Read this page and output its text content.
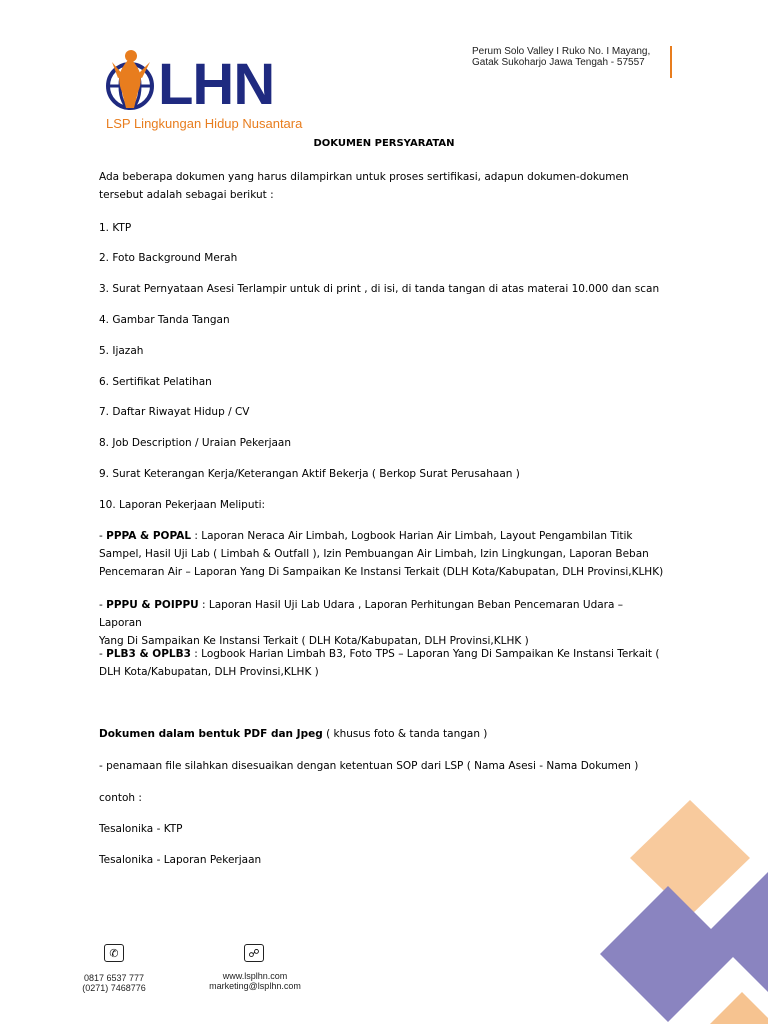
LHN
LSP Lingkungan Hidup Nusantara
Perum Solo Valley I Ruko No. I Mayang,
Gatak Sukoharjo Jawa Tengah - 57557
DOKUMEN PERSYARATAN
Ada beberapa dokumen yang harus dilampirkan untuk proses sertifikasi, adapun dokumen-dokumen
tersebut adalah sebagai berikut :
1. KTP
2. Foto Background Merah
3. Surat Pernyataan Asesi Terlampir untuk di print , di isi, di tanda tangan di atas materai 10.000 dan scan
4. Gambar Tanda Tangan
5. Ijazah
6. Sertifikat Pelatihan
7. Daftar Riwayat Hidup / CV
8. Job Description / Uraian Pekerjaan
9. Surat Keterangan Kerja/Keterangan Aktif Bekerja ( Berkop Surat Perusahaan )
10. Laporan Pekerjaan Meliputi:
- PPPA & POPAL : Laporan Neraca Air Limbah, Logbook Harian Air Limbah, Layout Pengambilan Titik
Sampel, Hasil Uji Lab ( Limbah & Outfall ), Izin Pembuangan Air Limbah, Izin Lingkungan, Laporan Beban
Pencemaran Air – Laporan Yang Di Sampaikan Ke Instansi Terkait (DLH Kota/Kabupatan, DLH Provinsi,KLHK)
- PPPU & POIPPU : Laporan Hasil Uji Lab Udara , Laporan Perhitungan Beban Pencemaran Udara – Laporan
Yang Di Sampaikan Ke Instansi Terkait ( DLH Kota/Kabupatan, DLH Provinsi,KLHK )
- PLB3 & OPLB3 : Logbook Harian Limbah B3, Foto TPS – Laporan Yang Di Sampaikan Ke Instansi Terkait (
DLH Kota/Kabupatan, DLH Provinsi,KLHK )
Dokumen dalam bentuk PDF dan Jpeg ( khusus foto & tanda tangan )
- penamaan file silahkan disesuaikan dengan ketentuan SOP dari LSP ( Nama Asesi - Nama Dokumen )
contoh :
Tesalonika - KTP
Tesalonika - Laporan Pekerjaan
✆
0817 6537 777
(0271) 7468776
☍
www.lsplhn.com
marketing@lsplhn.com
